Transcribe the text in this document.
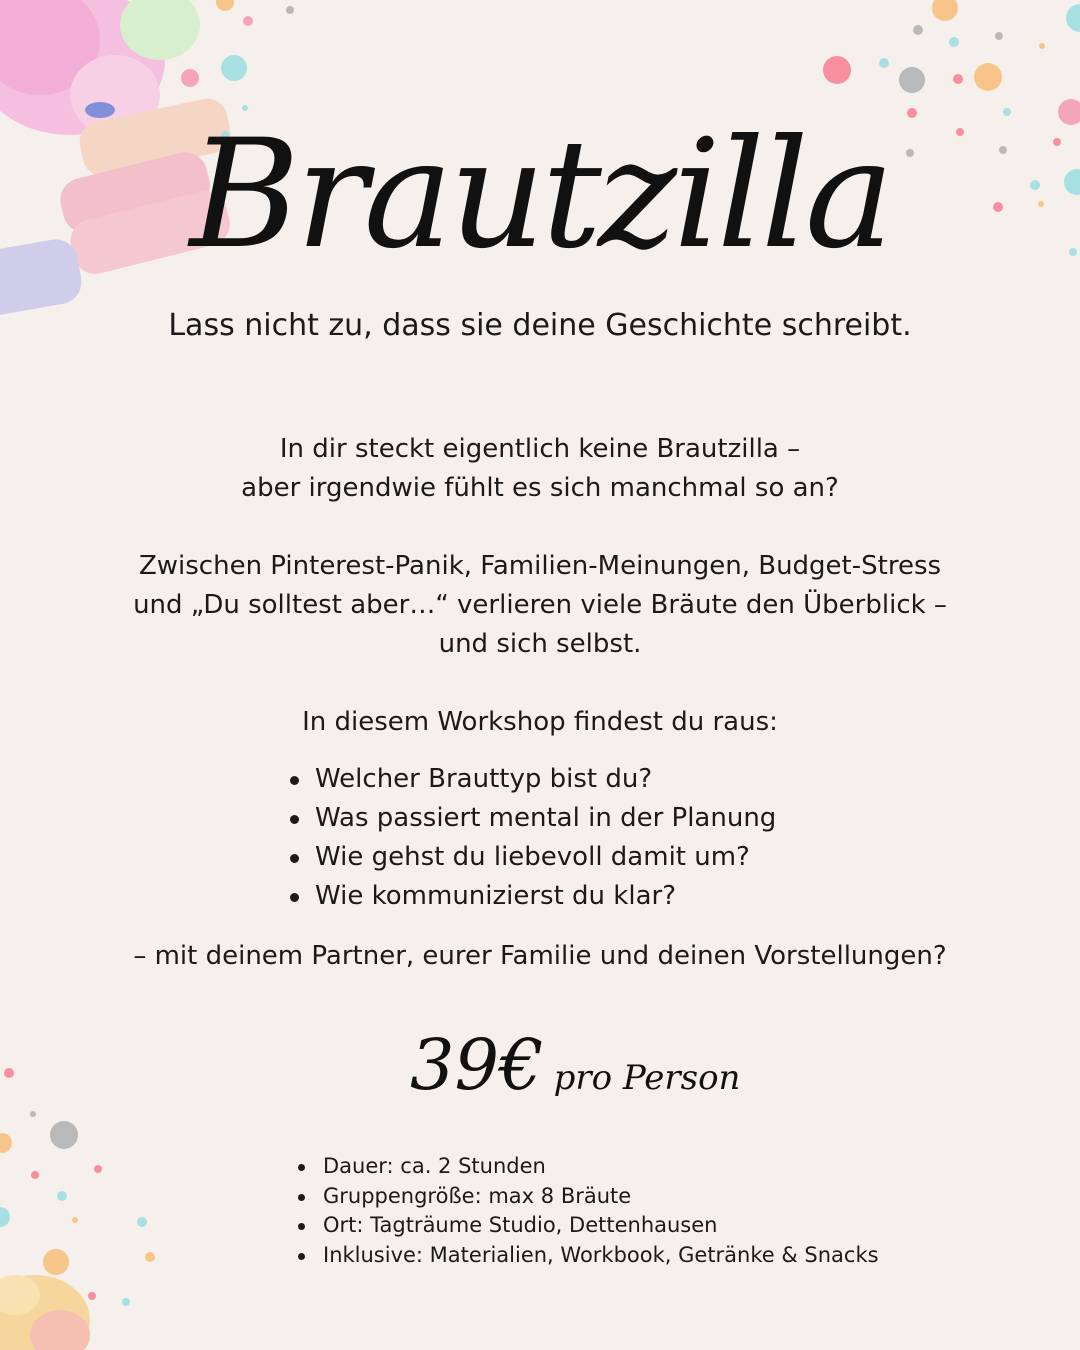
Brautzilla
Lass nicht zu, dass sie deine Geschichte schreibt.
In dir steckt eigentlich keine Brautzilla –
aber irgendwie fühlt es sich manchmal so an?
Zwischen Pinterest-Panik, Familien-Meinungen, Budget-Stress
und „Du solltest aber…“ verlieren viele Bräute den Überblick –
und sich selbst.
In diesem Workshop findest du raus:
Welcher Brauttyp bist du?
Was passiert mental in der Planung
Wie gehst du liebevoll damit um?
Wie kommunizierst du klar?
– mit deinem Partner, eurer Familie und deinen Vorstellungen?
39€ pro Person
Dauer: ca. 2 Stunden
Gruppengröße: max 8 Bräute
Ort: Tagträume Studio, Dettenhausen
Inklusive: Materialien, Workbook, Getränke & Snacks
